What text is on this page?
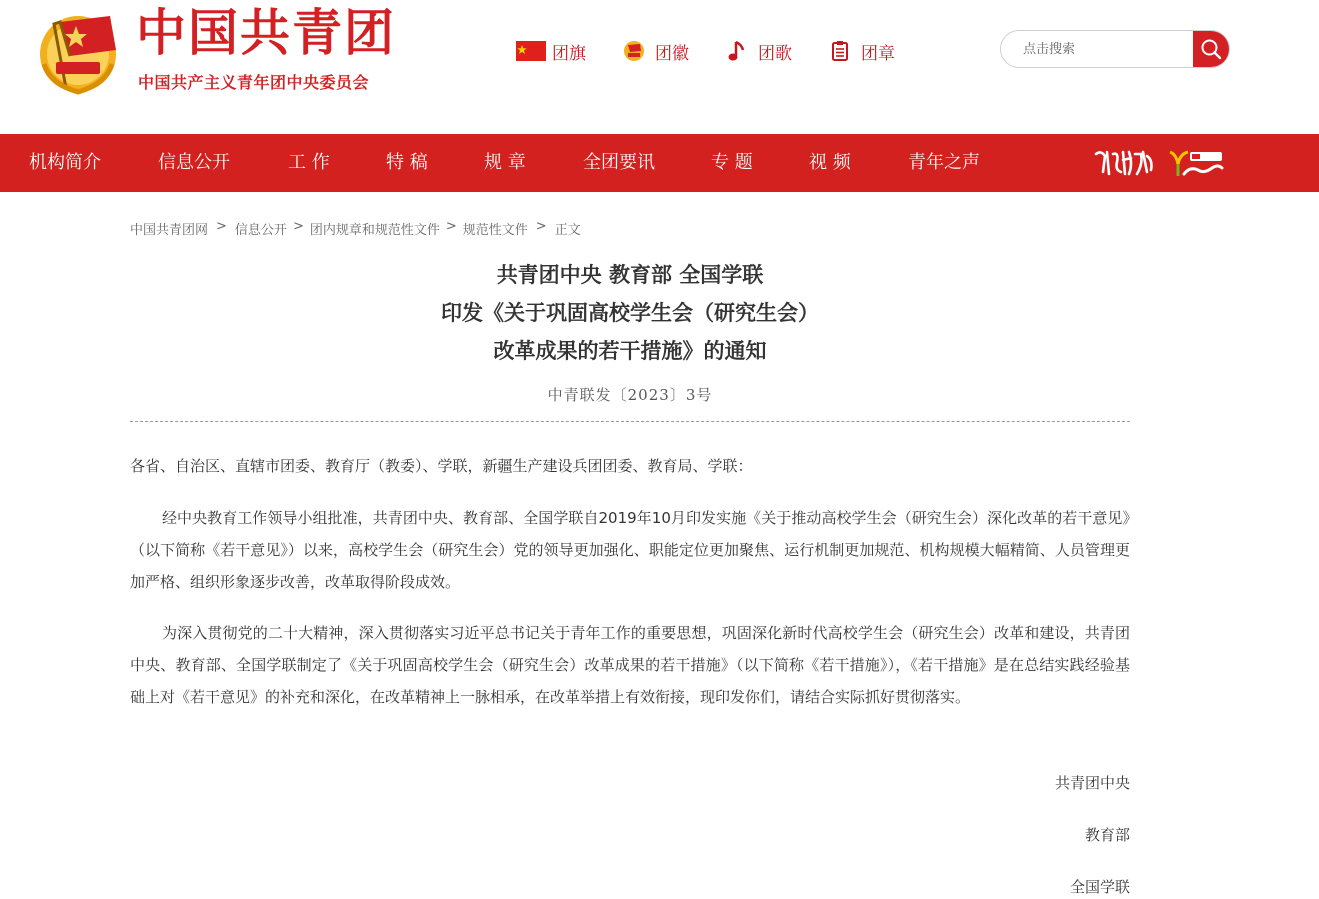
中国共青团
中国共产主义青年团中央委员会
团旗	团徽	团歌	团章
点击搜索
机构简介	信息公开	工 作	特 稿	规 章	全团要讯	专 题	视 频	青年之声
中国共青团网 > 信息公开 > 团内规章和规范性文件 > 规范性文件 > 正文
共青团中央 教育部 全国学联
印发《关于巩固高校学生会（研究生会）
改革成果的若干措施》的通知
中青联发〔2023〕3号
各省、自治区、直辖市团委、教育厅（教委）、学联，新疆生产建设兵团团委、教育局、学联：
经中央教育工作领导小组批准，共青团中央、教育部、全国学联自2019年10月印发实施《关于推动高校学生会（研究生会）深化改革的若干意见》（以下简称《若干意见》）以来，高校学生会（研究生会）党的领导更加强化、职能定位更加聚焦、运行机制更加规范、机构规模大幅精简、人员管理更加严格、组织形象逐步改善，改革取得阶段成效。
为深入贯彻党的二十大精神，深入贯彻落实习近平总书记关于青年工作的重要思想，巩固深化新时代高校学生会（研究生会）改革和建设，共青团中央、教育部、全国学联制定了《关于巩固高校学生会（研究生会）改革成果的若干措施》（以下简称《若干措施》），《若干措施》是在总结实践经验基础上对《若干意见》的补充和深化，在改革精神上一脉相承，在改革举措上有效衔接，现印发你们，请结合实际抓好贯彻落实。
共青团中央
教育部
全国学联
